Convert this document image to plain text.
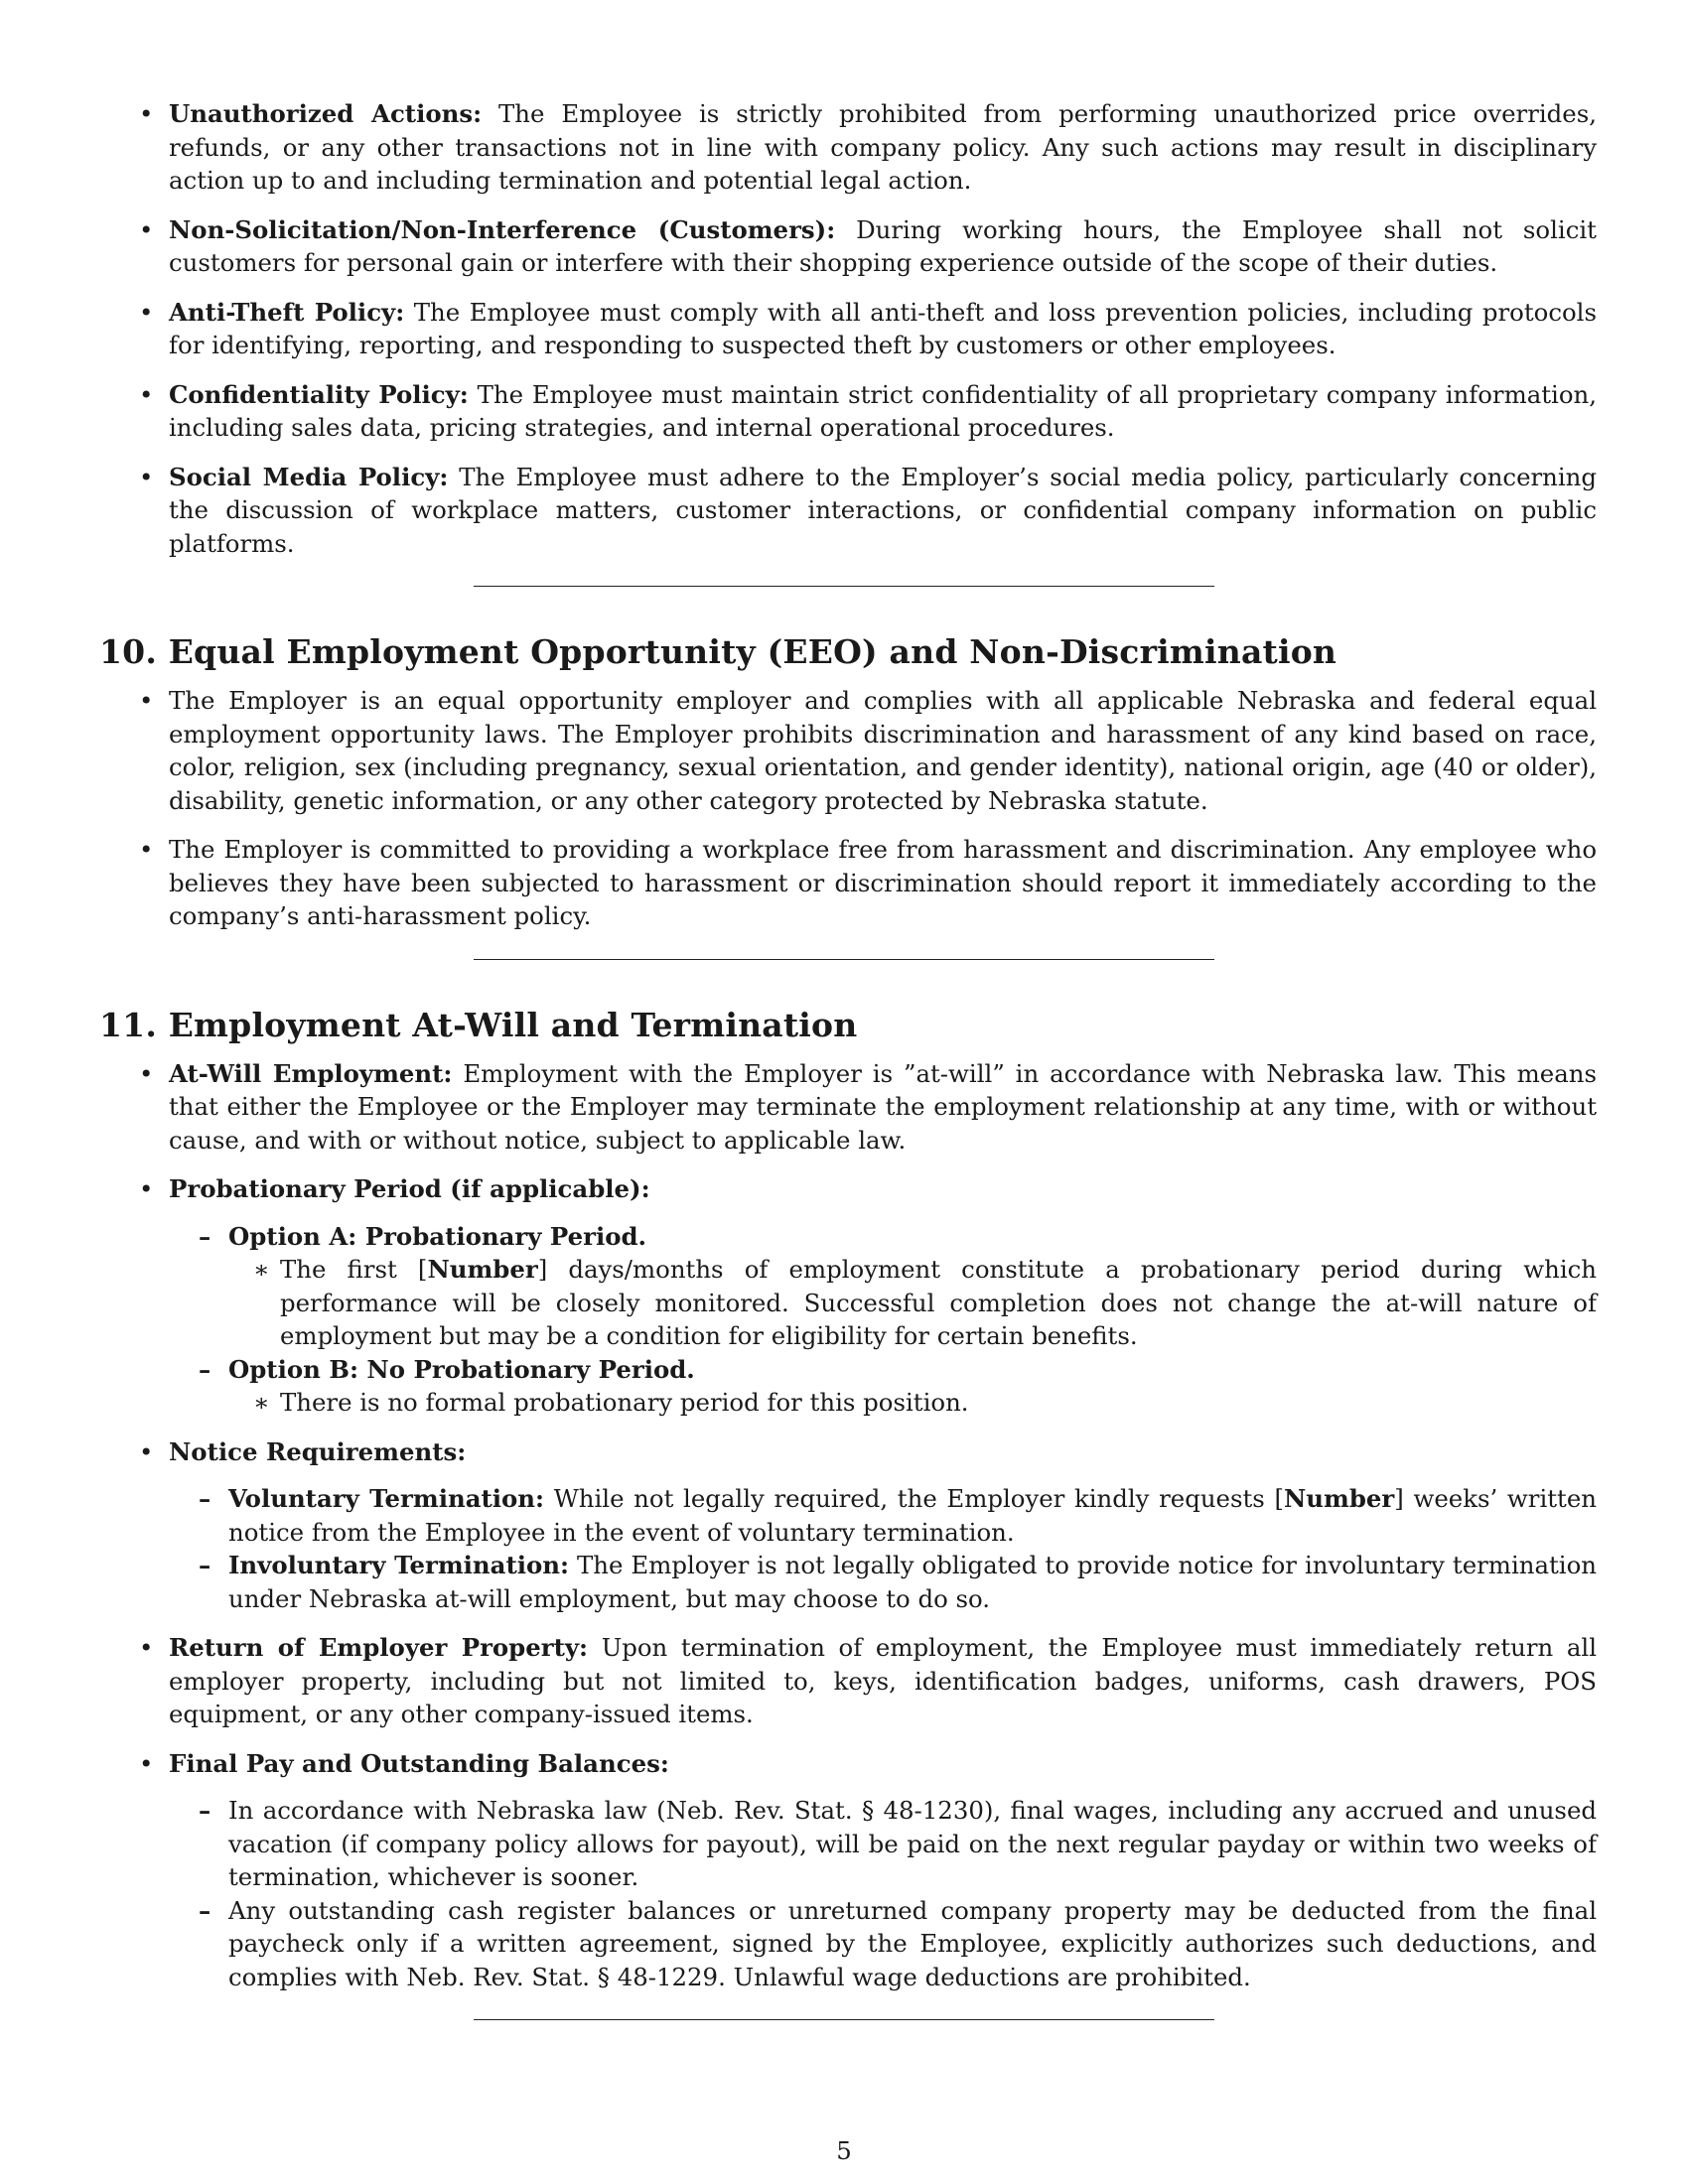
• Unauthorized Actions: The Employee is strictly prohibited from performing unauthorized price overrides, refunds, or any other transactions not in line with company policy. Any such actions may result in disciplinary action up to and including termination and potential legal action.
• Non-Solicitation/Non-Interference (Customers): During working hours, the Employee shall not solicit customers for personal gain or interfere with their shopping experience outside of the scope of their duties.
• Anti-Theft Policy: The Employee must comply with all anti-theft and loss prevention policies, including protocols for identifying, reporting, and responding to suspected theft by customers or other employees.
• Confidentiality Policy: The Employee must maintain strict confidentiality of all proprietary company information, including sales data, pricing strategies, and internal operational procedures.
• Social Media Policy: The Employee must adhere to the Employer’s social media policy, particularly concerning the discussion of workplace matters, customer interactions, or confidential company information on public platforms.
10. Equal Employment Opportunity (EEO) and Non-Discrimination
• The Employer is an equal opportunity employer and complies with all applicable Nebraska and federal equal employment opportunity laws. The Employer prohibits discrimination and harassment of any kind based on race, color, religion, sex (including pregnancy, sexual orientation, and gender identity), national origin, age (40 or older), disability, genetic information, or any other category protected by Nebraska statute.
• The Employer is committed to providing a workplace free from harassment and discrimination. Any employee who believes they have been subjected to harassment or discrimination should report it immediately according to the company’s anti-harassment policy.
11. Employment At-Will and Termination
• At-Will Employment: Employment with the Employer is ”at-will” in accordance with Nebraska law. This means that either the Employee or the Employer may terminate the employment relationship at any time, with or without cause, and with or without notice, subject to applicable law.
• Probationary Period (if applicable):
– Option A: Probationary Period.
∗ The first [Number] days/months of employment constitute a probationary period during which performance will be closely monitored. Successful completion does not change the at-will nature of employment but may be a condition for eligibility for certain benefits.
– Option B: No Probationary Period.
∗ There is no formal probationary period for this position.
• Notice Requirements:
– Voluntary Termination: While not legally required, the Employer kindly requests [Number] weeks’ written notice from the Employee in the event of voluntary termination.
– Involuntary Termination: The Employer is not legally obligated to provide notice for involuntary termination under Nebraska at-will employment, but may choose to do so.
• Return of Employer Property: Upon termination of employment, the Employee must immediately return all employer property, including but not limited to, keys, identification badges, uniforms, cash drawers, POS equipment, or any other company-issued items.
• Final Pay and Outstanding Balances:
– In accordance with Nebraska law (Neb. Rev. Stat. § 48-1230), final wages, including any accrued and unused vacation (if company policy allows for payout), will be paid on the next regular payday or within two weeks of termination, whichever is sooner.
– Any outstanding cash register balances or unreturned company property may be deducted from the final paycheck only if a written agreement, signed by the Employee, explicitly authorizes such deductions, and complies with Neb. Rev. Stat. § 48-1229. Unlawful wage deductions are prohibited.
5
